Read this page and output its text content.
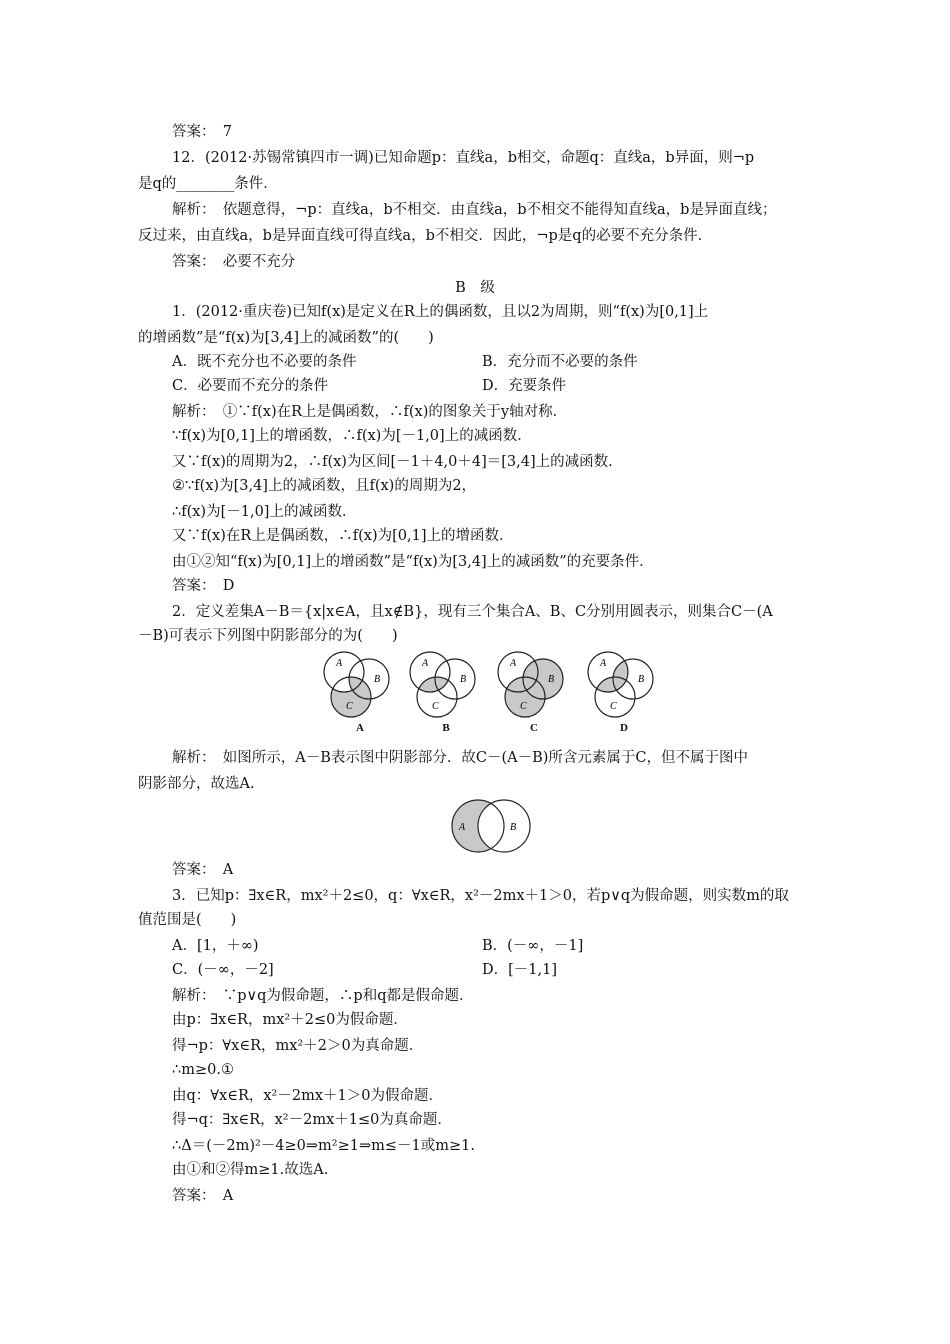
答案：　7
12．(2012·苏锡常镇四市一调)已知命题p：直线a，b相交，命题q：直线a，b异面，则¬p
是q的________条件．
解析：　依题意得，¬p：直线a，b不相交．由直线a，b不相交不能得知直线a，b是异面直线；
反过来，由直线a，b是异面直线可得直线a，b不相交．因此，¬p是q的必要不充分条件．
答案：　必要不充分
B　级
1．(2012·重庆卷)已知f(x)是定义在R上的偶函数，且以2为周期，则“f(x)为[0,1]上
的增函数”是“f(x)为[3,4]上的减函数”的(　　)
A．既不充分也不必要的条件	B．充分而不必要的条件
C．必要而不充分的条件	D．充要条件
解析：　①∵f(x)在R上是偶函数，∴f(x)的图象关于y轴对称．
∵f(x)为[0,1]上的增函数，∴f(x)为[－1,0]上的减函数．
又∵f(x)的周期为2，∴f(x)为区间[－1＋4,0＋4]＝[3,4]上的减函数．
②∵f(x)为[3,4]上的减函数，且f(x)的周期为2，
∴f(x)为[－1,0]上的减函数．
又∵f(x)在R上是偶函数，∴f(x)为[0,1]上的增函数．
由①②知“f(x)为[0,1]上的增函数”是“f(x)为[3,4]上的减函数”的充要条件．
答案：　D
2．定义差集A－B＝{x|x∈A，且x∉B}，现有三个集合A、B、C分别用圆表示，则集合C－(A
－B)可表示下列图中阴影部分的为(　　)
A
B
C
A
A
B
C
B
A
B
C
C
A
B
C
D
解析：　如图所示，A－B表示图中阴影部分．故C－(A－B)所含元素属于C，但不属于图中
阴影部分，故选A.
A	B
答案：　A
3．已知p：∃x∈R，mx²＋2≤0，q：∀x∈R，x²－2mx＋1＞0，若p∨q为假命题，则实数m的取
值范围是(　　)
A．[1，＋∞)	B．(－∞，－1]
C．(－∞，－2]	D．[－1,1]
解析：　∵p∨q为假命题，∴p和q都是假命题．
由p：∃x∈R，mx²＋2≤0为假命题．
得¬p：∀x∈R，mx²＋2＞0为真命题．
∴m≥0.①
由q：∀x∈R，x²－2mx＋1＞0为假命题．
得¬q：∃x∈R，x²－2mx＋1≤0为真命题．
∴Δ＝(－2m)²－4≥0⇒m²≥1⇒m≤－1或m≥1.
由①和②得m≥1.故选A.
答案：　A
